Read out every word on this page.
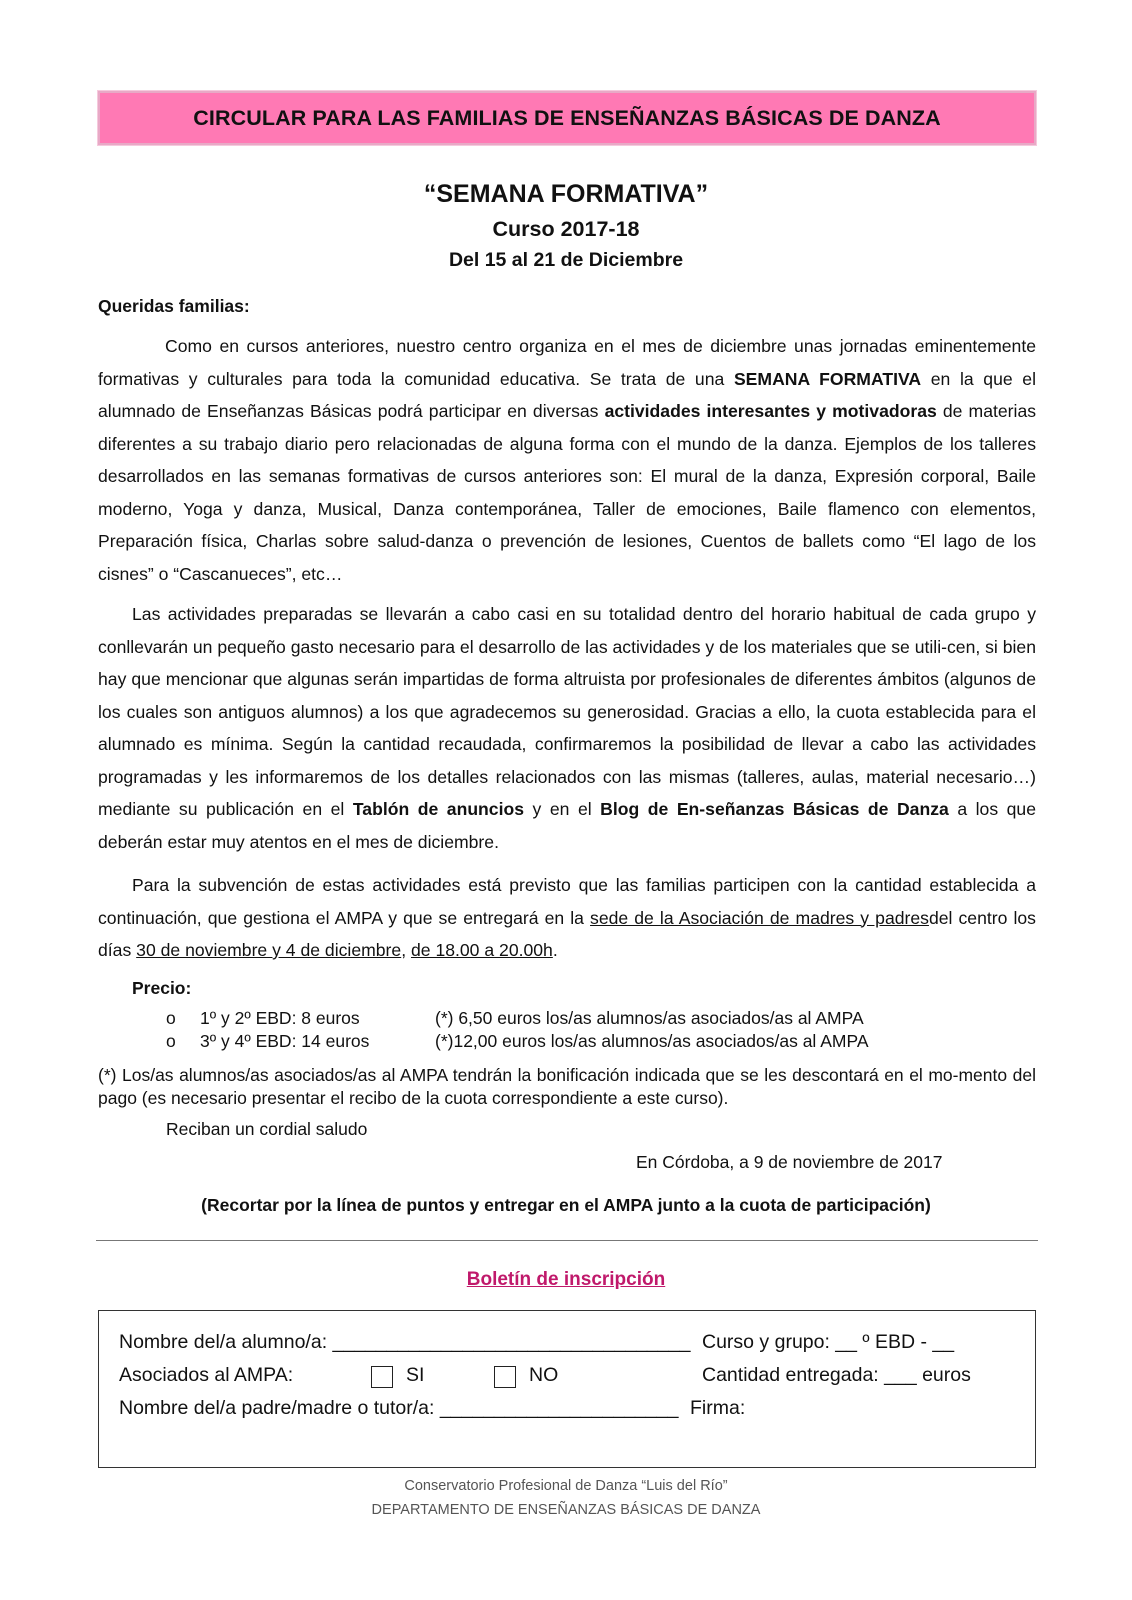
CIRCULAR PARA LAS FAMILIAS DE ENSEÑANZAS BÁSICAS DE DANZA
“SEMANA FORMATIVA”
Curso 2017-18
Del 15 al 21 de Diciembre
Queridas familias:

Como en cursos anteriores, nuestro centro organiza en el mes de diciembre unas jornadas eminentemente formativas y culturales para toda la comunidad educativa. Se trata de una SEMANA FORMATIVA en la que el alumnado de Enseñanzas Básicas podrá participar en diversas actividades interesantes y motivadoras de materias diferentes a su trabajo diario pero relacionadas de alguna forma con el mundo de la danza. Ejemplos de los talleres desarrollados en las semanas formativas de cursos anteriores son: El mural de la danza, Expresión corporal, Baile moderno, Yoga y danza, Musical, Danza contemporánea, Taller de emociones, Baile flamenco con elementos, Preparación física, Charlas sobre salud-danza o prevención de lesiones, Cuentos de ballets como “El lago de los cisnes” o “Cascanueces”, etc…

Las actividades preparadas se llevarán a cabo casi en su totalidad dentro del horario habitual de cada grupo y conllevarán un pequeño gasto necesario para el desarrollo de las actividades y de los materiales que se utili-cen, si bien hay que mencionar que algunas serán impartidas de forma altruista por profesionales de diferentes ámbitos (algunos de los cuales son antiguos alumnos) a los que agradecemos su generosidad. Gracias a ello, la cuota establecida para el alumnado es mínima. Según la cantidad recaudada, confirmaremos la posibilidad de llevar a cabo las actividades programadas y les informaremos de los detalles relacionados con las mismas (talleres, aulas, material necesario…) mediante su publicación en el Tablón de anuncios y en el Blog de En-señanzas Básicas de Danza a los que deberán estar muy atentos en el mes de diciembre.

Para la subvención de estas actividades está previsto que las familias participen con la cantidad establecida a continuación, que gestiona el AMPA y que se entregará en la sede de la Asociación de madres y padresdel centro los días 30 de noviembre y 4 de diciembre, de 18.00 a 20.00h.

Precio:
o 1º y 2º EBD: 8 euros	(*) 6,50 euros los/as alumnos/as asociados/as al AMPA
o 3º y 4º EBD: 14 euros	(*)12,00 euros los/as alumnos/as asociados/as al AMPA

(*) Los/as alumnos/as asociados/as al AMPA tendrán la bonificación indicada que se les descontará en el mo-mento del pago (es necesario presentar el recibo de la cuota correspondiente a este curso).

Reciban un cordial saludo
En Córdoba, a 9 de noviembre de 2017
(Recortar por la línea de puntos y entregar en el AMPA junto a la cuota de participación)
Boletín de inscripción
Nombre del/a alumno/a: _________________________________ Curso y grupo: __ º EBD - __
Asociados al AMPA:	SI	NO	Cantidad entregada: ___ euros
Nombre del/a padre/madre o tutor/a: ______________________ Firma:
Conservatorio Profesional de Danza “Luis del Río”
DEPARTAMENTO DE ENSEÑANZAS BÁSICAS DE DANZA
